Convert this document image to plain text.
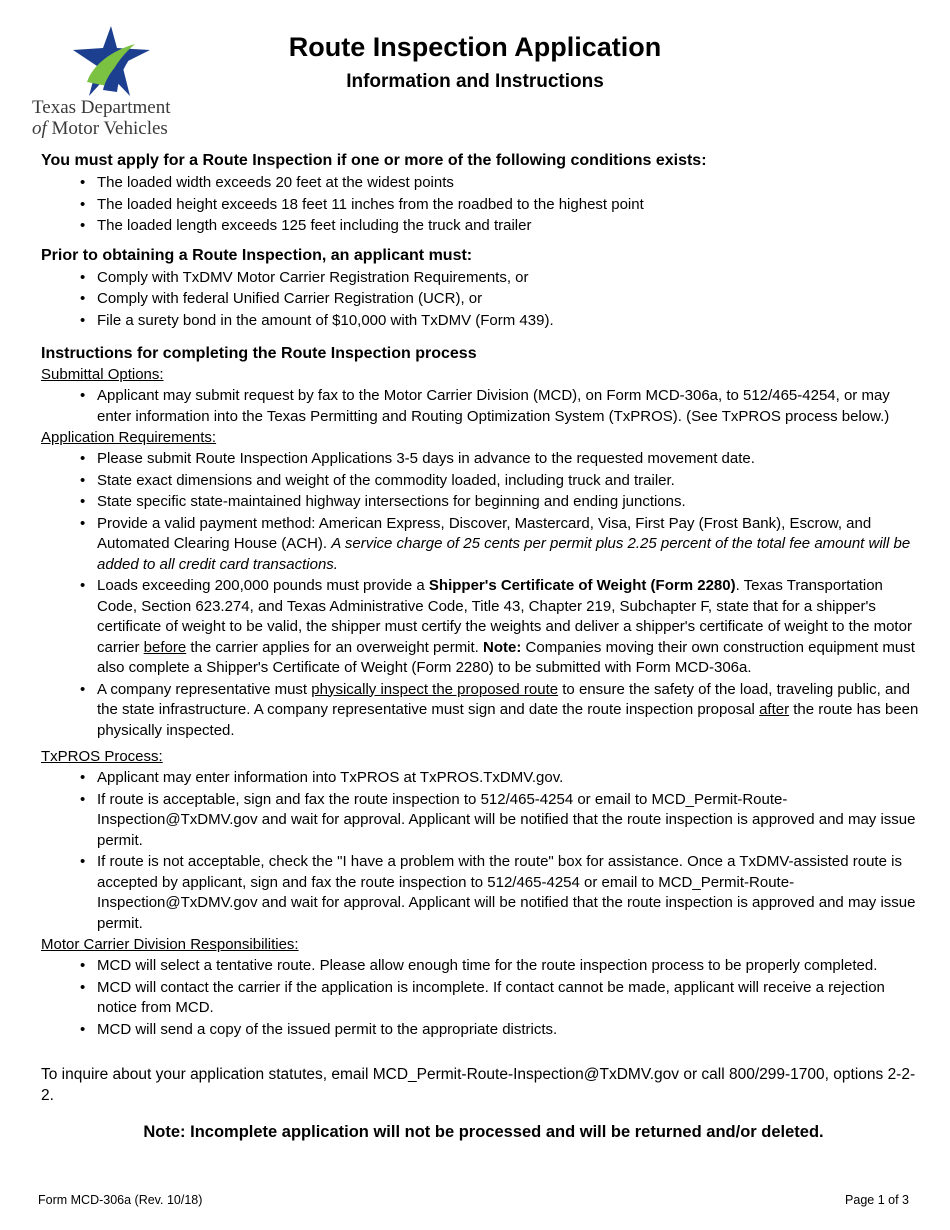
Texas Department
of Motor Vehicles
Route Inspection Application
Information and Instructions
You must apply for a Route Inspection if one or more of the following conditions exists:
• The loaded width exceeds 20 feet at the widest points
• The loaded height exceeds 18 feet 11 inches from the roadbed to the highest point
• The loaded length exceeds 125 feet including the truck and trailer
Prior to obtaining a Route Inspection, an applicant must:
• Comply with TxDMV Motor Carrier Registration Requirements, or
• Comply with federal Unified Carrier Registration (UCR), or
• File a surety bond in the amount of $10,000 with TxDMV (Form 439).
Instructions for completing the Route Inspection process
Submittal Options:
• Applicant may submit request by fax to the Motor Carrier Division (MCD), on Form MCD-306a, to 512/465-4254, or may enter information into the Texas Permitting and Routing Optimization System (TxPROS). (See TxPROS process below.)
Application Requirements:
• Please submit Route Inspection Applications 3-5 days in advance to the requested movement date.
• State exact dimensions and weight of the commodity loaded, including truck and trailer.
• State specific state-maintained highway intersections for beginning and ending junctions.
• Provide a valid payment method: American Express, Discover, Mastercard, Visa, First Pay (Frost Bank), Escrow, and Automated Clearing House (ACH). A service charge of 25 cents per permit plus 2.25 percent of the total fee amount will be added to all credit card transactions.
• Loads exceeding 200,000 pounds must provide a Shipper's Certificate of Weight (Form 2280). Texas Transportation Code, Section 623.274, and Texas Administrative Code, Title 43, Chapter 219, Subchapter F, state that for a shipper's certificate of weight to be valid, the shipper must certify the weights and deliver a shipper's certificate of weight to the motor carrier before the carrier applies for an overweight permit. Note: Companies moving their own construction equipment must also complete a Shipper's Certificate of Weight (Form 2280) to be submitted with Form MCD-306a.
• A company representative must physically inspect the proposed route to ensure the safety of the load, traveling public, and the state infrastructure. A company representative must sign and date the route inspection proposal after the route has been physically inspected.
TxPROS Process:
• Applicant may enter information into TxPROS at TxPROS.TxDMV.gov.
• If route is acceptable, sign and fax the route inspection to 512/465-4254 or email to MCD_Permit-Route-Inspection@TxDMV.gov and wait for approval. Applicant will be notified that the route inspection is approved and may issue permit.
• If route is not acceptable, check the "I have a problem with the route" box for assistance. Once a TxDMV-assisted route is accepted by applicant, sign and fax the route inspection to 512/465-4254 or email to MCD_Permit-Route-Inspection@TxDMV.gov and wait for approval. Applicant will be notified that the route inspection is approved and may issue permit.
Motor Carrier Division Responsibilities:
• MCD will select a tentative route. Please allow enough time for the route inspection process to be properly completed.
• MCD will contact the carrier if the application is incomplete. If contact cannot be made, applicant will receive a rejection notice from MCD.
• MCD will send a copy of the issued permit to the appropriate districts.
To inquire about your application statutes, email MCD_Permit-Route-Inspection@TxDMV.gov or call 800/299-1700, options 2-2-2.
Note: Incomplete application will not be processed and will be returned and/or deleted.
Form MCD-306a (Rev. 10/18)	Page 1 of 3
